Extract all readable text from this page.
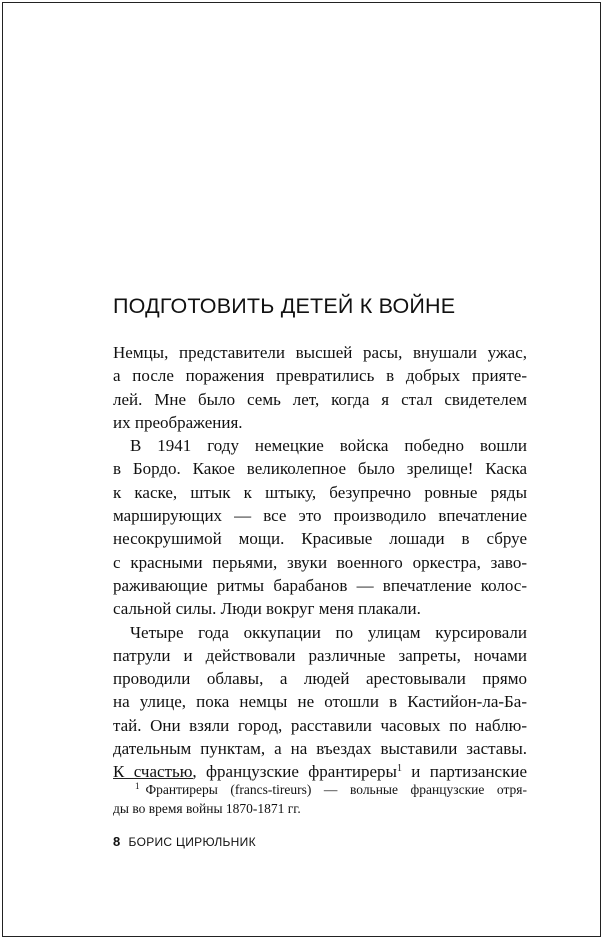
ПОДГОТОВИТЬ ДЕТЕЙ К ВОЙНЕ
Немцы, представители высшей расы, внушали ужас,
а после поражения превратились в добрых прияте-
лей. Мне было семь лет, когда я стал свидетелем
их преображения.
В 1941 году немецкие войска победно вошли
в Бордо. Какое великолепное было зрелище! Каска
к каске, штык к штыку, безупречно ровные ряды
марширующих — все это производило впечатление
несокрушимой мощи. Красивые лошади в сбруе
с красными перьями, звуки военного оркестра, заво-
раживающие ритмы барабанов — впечатление колос-
сальной силы. Люди вокруг меня плакали.
Четыре года оккупации по улицам курсировали
патрули и действовали различные запреты, ночами
проводили облавы, а людей арестовывали прямо
на улице, пока немцы не отошли в Кастийон-ла-Ба-
тай. Они взяли город, расставили часовых по наблю-
дательным пунктам, а на въездах выставили заставы.
К счастью, французские франтиреры$^1$ и партизанские
$^1$ Франтиреры (francs-tireurs) — вольные французские отря-
ды во время войны 1870-1871 гг.
8 БОРИС ЦИРЮЛЬНИК
